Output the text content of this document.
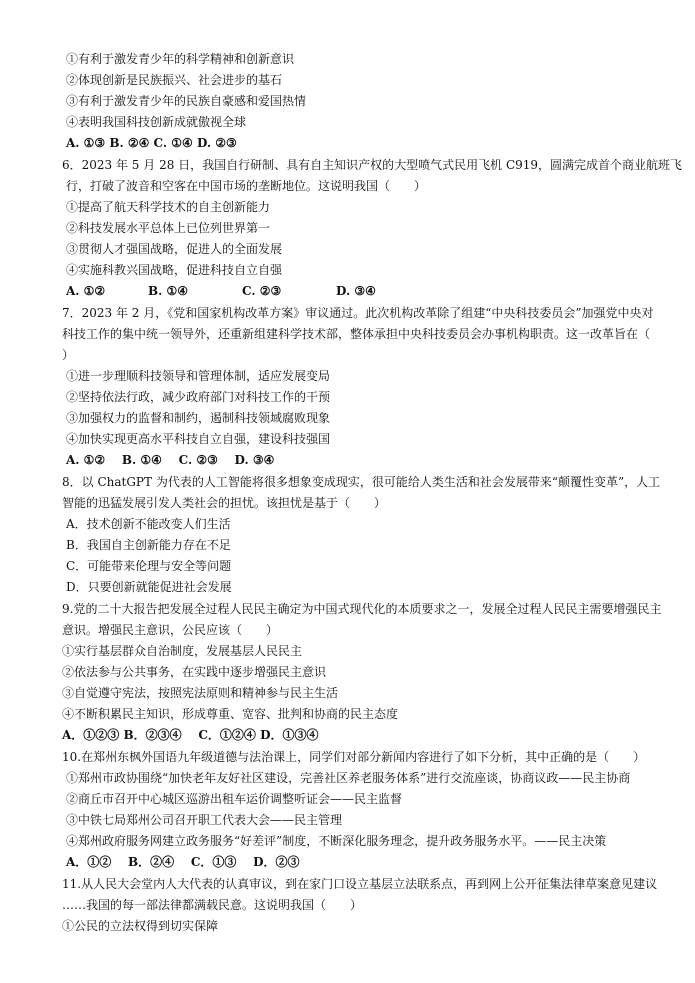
①有利于激发青少年的科学精神和创新意识
②体现创新是民族振兴、社会进步的基石
③有利于激发青少年的民族自豪感和爱国热情
④表明我国科技创新成就傲视全球
A. ①③ B. ②④ C. ①④ D. ②③
6．2023 年 5 月 28 日，我国自行研制、具有自主知识产权的大型喷气式民用飞机 C919，圆满完成首个商业航班飞
行，打破了波音和空客在中国市场的垄断地位。这说明我国（　　）
①提高了航天科学技术的自主创新能力
②科技发展水平总体上已位列世界第一
③贯彻人才强国战略，促进人的全面发展
④实施科教兴国战略，促进科技自立自强
A. ①②	B. ①④	C. ②③	D. ③④
7．2023 年 2 月，《党和国家机构改革方案》审议通过。此次机构改革除了组建“中央科技委员会”加强党中央对
科技工作的集中统一领导外，还重新组建科学技术部，整体承担中央科技委员会办事机构职责。这一改革旨在（
）
①进一步理顺科技领导和管理体制，适应发展变局
②坚持依法行政，减少政府部门对科技工作的干预
③加强权力的监督和制约，遏制科技领域腐败现象
④加快实现更高水平科技自立自强，建设科技强国
A. ①②    B. ①④    C. ②③    D. ③④
8．以 ChatGPT 为代表的人工智能将很多想象变成现实，很可能给人类生活和社会发展带来“颠覆性变革”，人工
智能的迅猛发展引发人类社会的担忧。该担忧是基于（　　）
A．技术创新不能改变人们生活
B．我国自主创新能力存在不足
C．可能带来伦理与安全等问题
D．只要创新就能促进社会发展
9.党的二十大报告把发展全过程人民民主确定为中国式现代化的本质要求之一，发展全过程人民民主需要增强民主
意识。增强民主意识，公民应该（　　）
①实行基层群众自治制度，发展基层人民民主
②依法参与公共事务，在实践中逐步增强民主意识
③自觉遵守宪法，按照宪法原则和精神参与民主生活
④不断积累民主知识，形成尊重、宽容、批判和协商的民主态度
A．①②③ B．②③④    C．①②④ D．①③④
10.在郑州东枫外国语九年级道德与法治课上，同学们对部分新闻内容进行了如下分析，其中正确的是（　　）
①郑州市政协围绕“加快老年友好社区建设，完善社区养老服务体系”进行交流座谈，协商议政——民主协商
②商丘市召开中心城区巡游出租车运价调整听证会——民主监督
③中铁七局郑州公司召开职工代表大会——民主管理
④郑州政府服务网建立政务服务“好差评”制度，不断深化服务理念，提升政务服务水平。——民主决策
A．①②    B．②④    C．①③    D．②③
11.从人民大会堂内人大代表的认真审议，到在家门口设立基层立法联系点，再到网上公开征集法律草案意见建议
……我国的每一部法律都满载民意。这说明我国（　　）
①公民的立法权得到切实保障
